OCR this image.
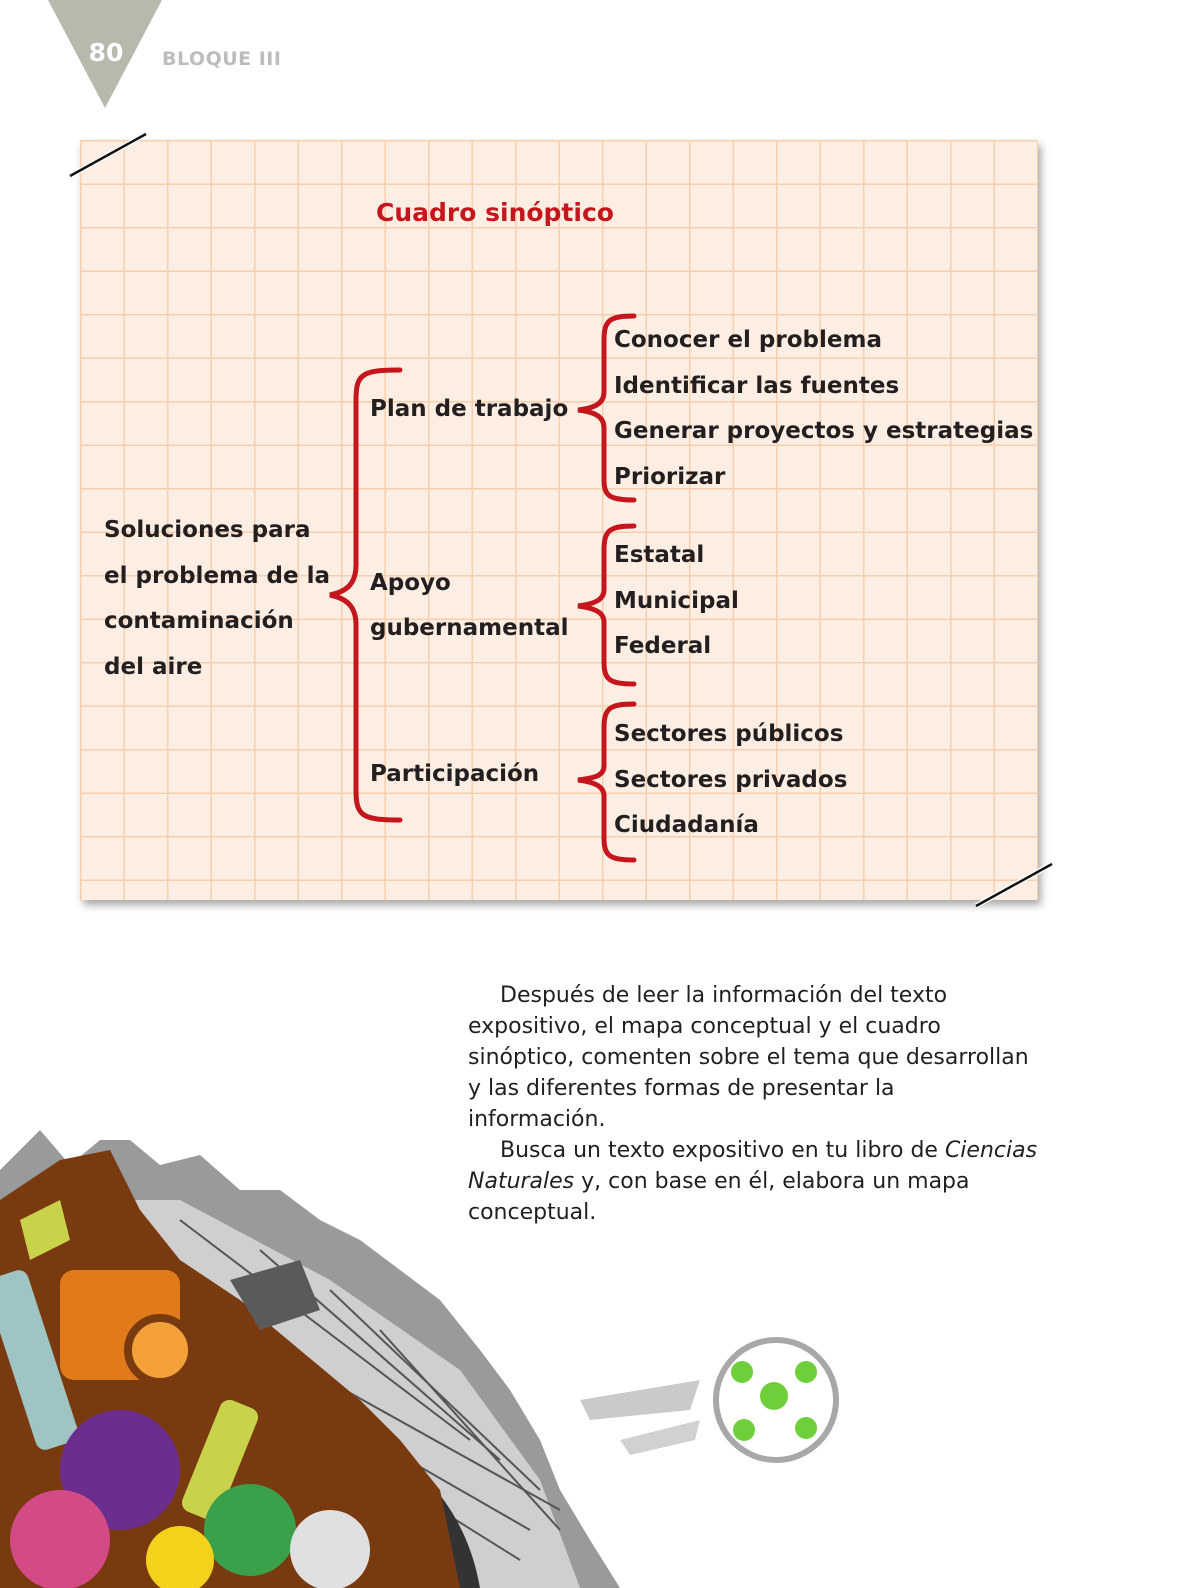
80 BLOQUE III
Cuadro sinóptico
Soluciones para
el problema de la
contaminación
del aire
Plan de trabajo
Apoyo
gubernamental
Participación
Conocer el problema
Identificar las fuentes
Generar proyectos y estrategias
Priorizar
Estatal
Municipal
Federal
Sectores públicos
Sectores privados
Ciudadanía

Después de leer la información del texto expositivo, el mapa conceptual y el cuadro sinóptico, comenten sobre el tema que desarrollan y las diferentes formas de presentar la información.

Busca un texto expositivo en tu libro de Ciencias Naturales y, con base en él, elabora un mapa conceptual.
